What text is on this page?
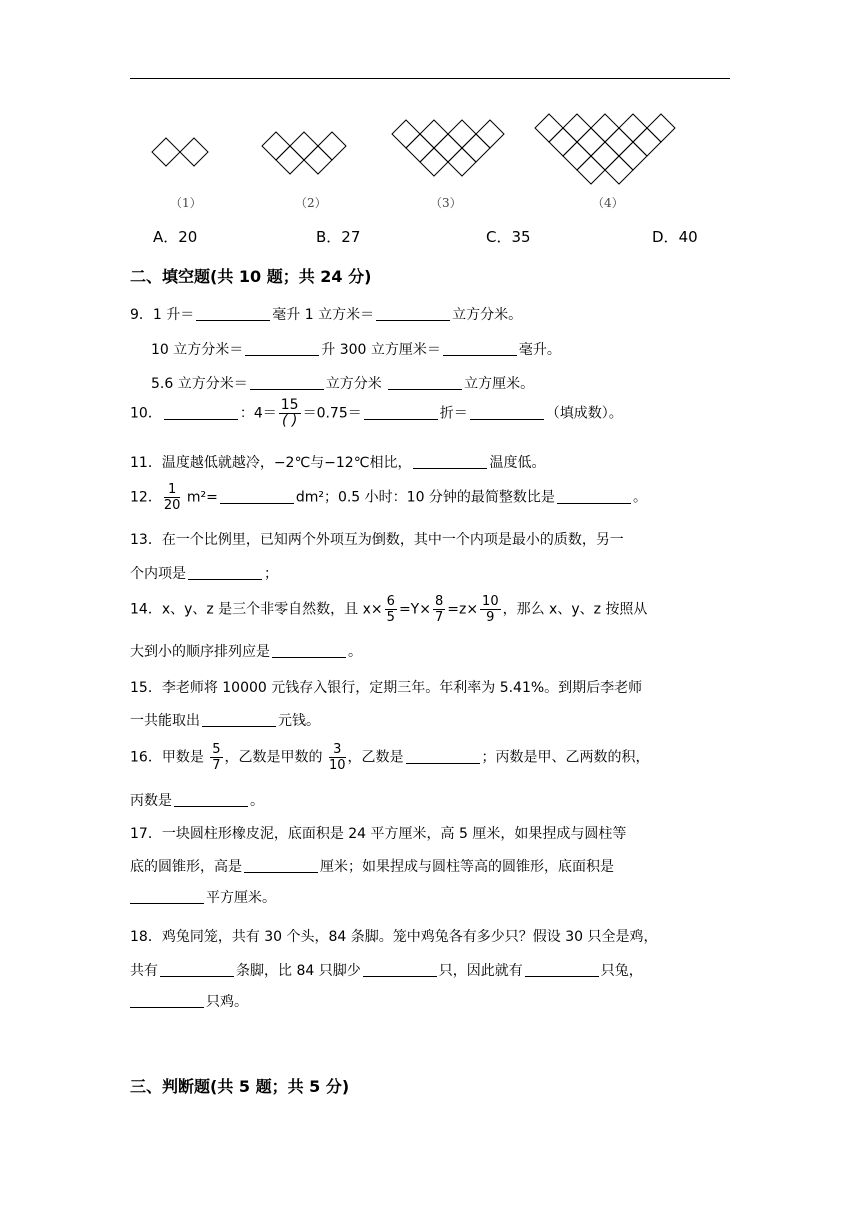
（1）	（2）	（3）	（4）
A．20	B．27	C．35	D．40
二、填空题(共 10 题；共 24 分)
9．1 升＝	毫升 1 立方米＝	立方分米。
10 立方分米＝	升 300 立方厘米＝	毫升。
5.6 立方分米＝	立方分米	立方厘米。
10．	：$4= \frac{15}{( )} =0.75=$	折＝	（填成数）。
11．温度越低就越冷，−2℃与−12℃相比，	温度低。
12． $\frac{1}{20} m^2=$	dm²；0.5 小时：10 分钟的最简整数比是	。
13．在一个比例里，已知两个外项互为倒数，其中一个内项是最小的质数，另一
个内项是	；
14．x、y、z 是三个非零自然数，且 $x\times \frac{6}{5} =Y\times \frac{8}{7} =z\times \frac{10}{9}$ ，那么 x、y、z 按照从
大到小的顺序排列应是	。
15．李老师将 10000 元钱存入银行，定期三年。年利率为 5.41%。到期后李老师
一共能取出	元钱。
16．甲数是 $\frac{5}{7}$ ，乙数是甲数的 $\frac{3}{10}$ ，乙数是	；丙数是甲、乙两数的积，
丙数是	。
17．一块圆柱形橡皮泥，底面积是 24 平方厘米，高 5 厘米，如果捏成与圆柱等
底的圆锥形，高是	厘米；如果捏成与圆柱等高的圆锥形，底面积是
平方厘米。
18．鸡兔同笼，共有 30 个头，84 条脚。笼中鸡兔各有多少只？假设 30 只全是鸡，
共有	条脚，比 84 只脚少	只，因此就有	只兔，
只鸡。
三、判断题(共 5 题；共 5 分)
